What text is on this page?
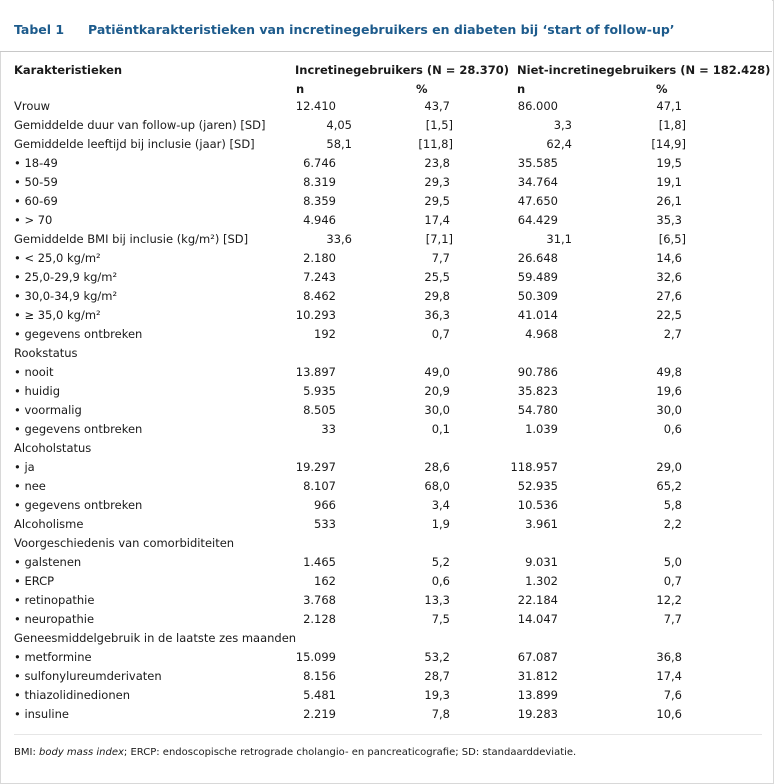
Tabel 1 Patiëntkarakteristieken van incretinegebruikers en diabeten bij ‘start of follow-up’
Karakteristieken	Incretinegebruikers (N = 28.370) Niet-incretinegebruikers (N = 182.428)
n	%	n	%
Vrouw	12.410	43,7	86.000	47,1
Gemiddelde duur van follow-up (jaren) [SD]	4,05	[1,5]	3,3	[1,8]
Gemiddelde leeftijd bij inclusie (jaar) [SD]	58,1	[11,8]	62,4	[14,9]
• 18-49	6.746	23,8	35.585	19,5
• 50-59	8.319	29,3	34.764	19,1
• 60-69	8.359	29,5	47.650	26,1
• > 70	4.946	17,4	64.429	35,3
Gemiddelde BMI bij inclusie (kg/m²) [SD]	33,6	[7,1]	31,1	[6,5]
• < 25,0 kg/m²	2.180	7,7	26.648	14,6
• 25,0-29,9 kg/m²	7.243	25,5	59.489	32,6
• 30,0-34,9 kg/m²	8.462	29,8	50.309	27,6
• ≥ 35,0 kg/m²	10.293	36,3	41.014	22,5
• gegevens ontbreken	192	0,7	4.968	2,7
Rookstatus
• nooit	13.897	49,0	90.786	49,8
• huidig	5.935	20,9	35.823	19,6
• voormalig	8.505	30,0	54.780	30,0
• gegevens ontbreken	33	0,1	1.039	0,6
Alcoholstatus
• ja	19.297	28,6	118.957	29,0
• nee	8.107	68,0	52.935	65,2
• gegevens ontbreken	966	3,4	10.536	5,8
Alcoholisme	533	1,9	3.961	2,2
Voorgeschiedenis van comorbiditeiten
• galstenen	1.465	5,2	9.031	5,0
• ERCP	162	0,6	1.302	0,7
• retinopathie	3.768	13,3	22.184	12,2
• neuropathie	2.128	7,5	14.047	7,7
Geneesmiddelgebruik in de laatste zes maanden
• metformine	15.099	53,2	67.087	36,8
• sulfonylureumderivaten	8.156	28,7	31.812	17,4
• thiazolidinedionen	5.481	19,3	13.899	7,6
• insuline	2.219	7,8	19.283	10,6
BMI: body mass index; ERCP: endoscopische retrograde cholangio- en pancreaticografie; SD: standaarddeviatie.
